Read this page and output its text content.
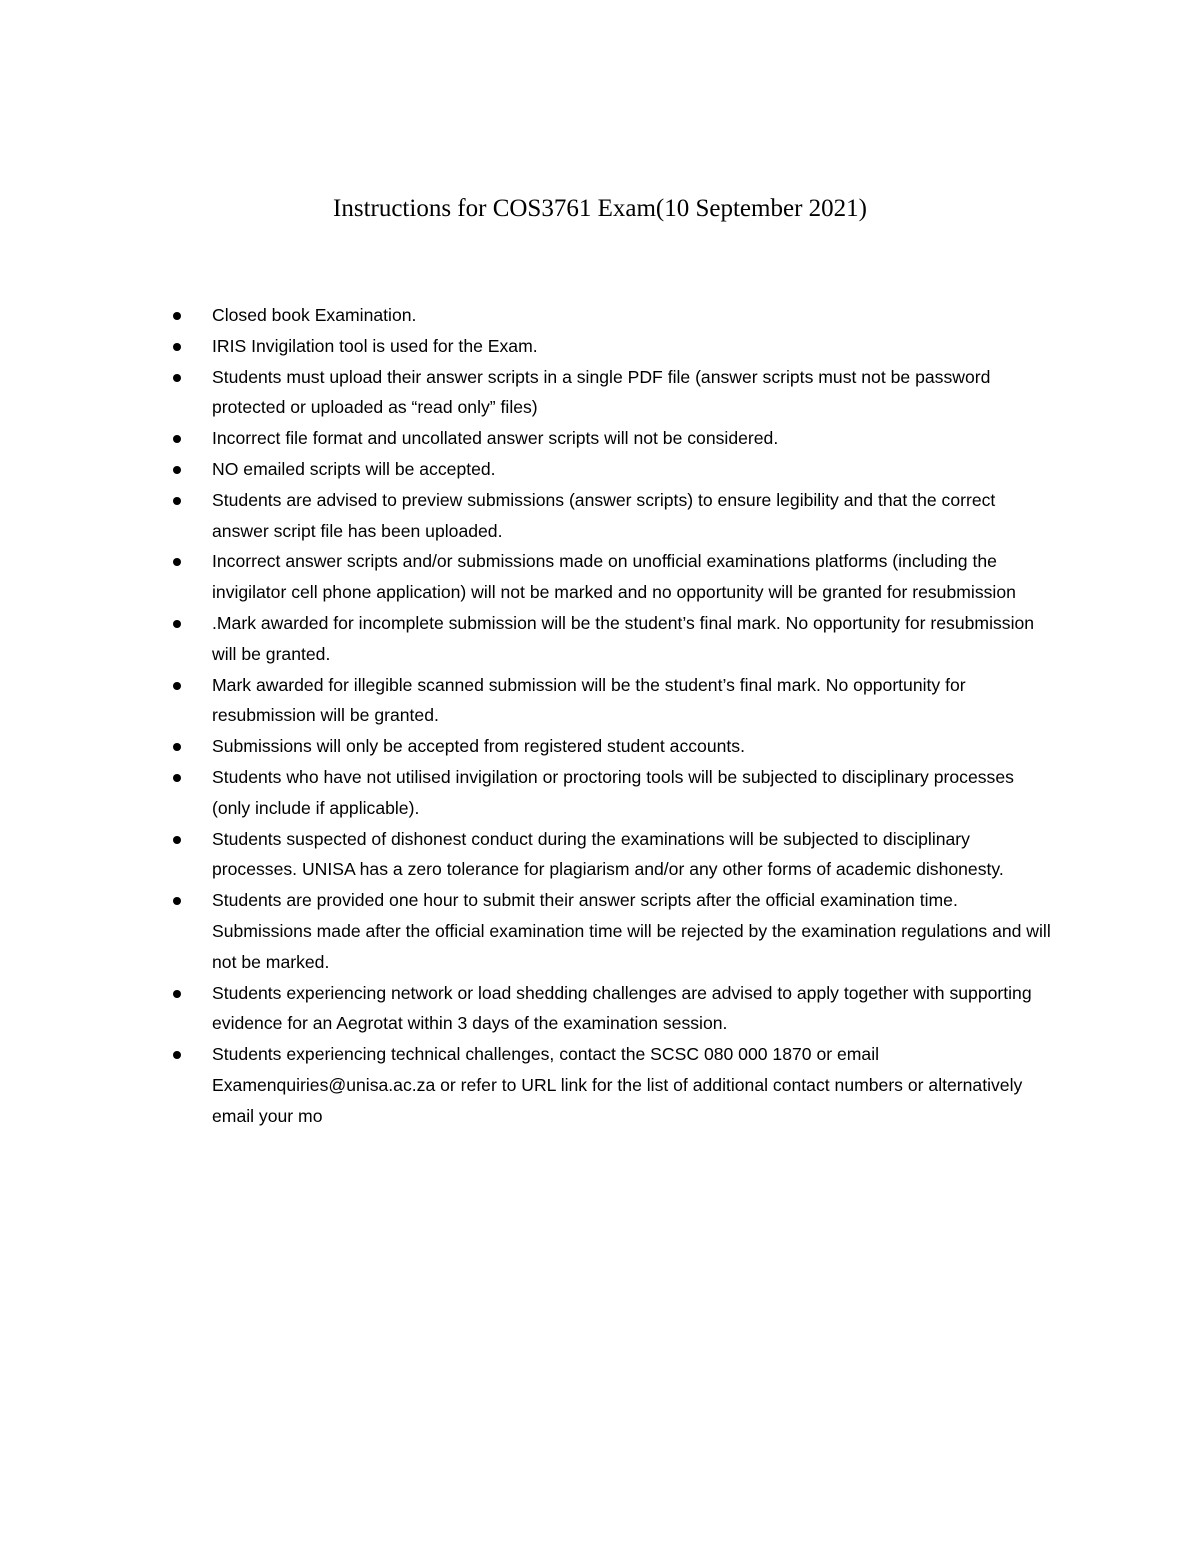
Instructions for COS3761 Exam(10 September 2021)
Closed book Examination.
IRIS Invigilation tool is used for the Exam.
Students must upload their answer scripts in a single PDF file (answer scripts must not be password protected or uploaded as “read only” files)
Incorrect file format and uncollated answer scripts will not be considered.
NO emailed scripts will be accepted.
Students are advised to preview submissions (answer scripts) to ensure legibility and that the correct answer script file has been uploaded.
Incorrect answer scripts and/or submissions made on unofficial examinations platforms (including the invigilator cell phone application) will not be marked and no opportunity will be granted for resubmission
.Mark awarded for incomplete submission will be the student’s final mark. No opportunity for resubmission will be granted.
Mark awarded for illegible scanned submission will be the student’s final mark. No opportunity for resubmission will be granted.
Submissions will only be accepted from registered student accounts.
Students who have not utilised invigilation or proctoring tools will be subjected to disciplinary processes (only include if applicable).
Students suspected of dishonest conduct during the examinations will be subjected to disciplinary processes. UNISA has a zero tolerance for plagiarism and/or any other forms of academic dishonesty.
Students are provided one hour to submit their answer scripts after the official examination time. Submissions made after the official examination time will be rejected by the examination regulations and will not be marked.
Students experiencing network or load shedding challenges are advised to apply together with supporting evidence for an Aegrotat within 3 days of the examination session.
Students experiencing technical challenges, contact the SCSC 080 000 1870 or email Examenquiries@unisa.ac.za or refer to URL link for the list of additional contact numbers or alternatively email your mo
